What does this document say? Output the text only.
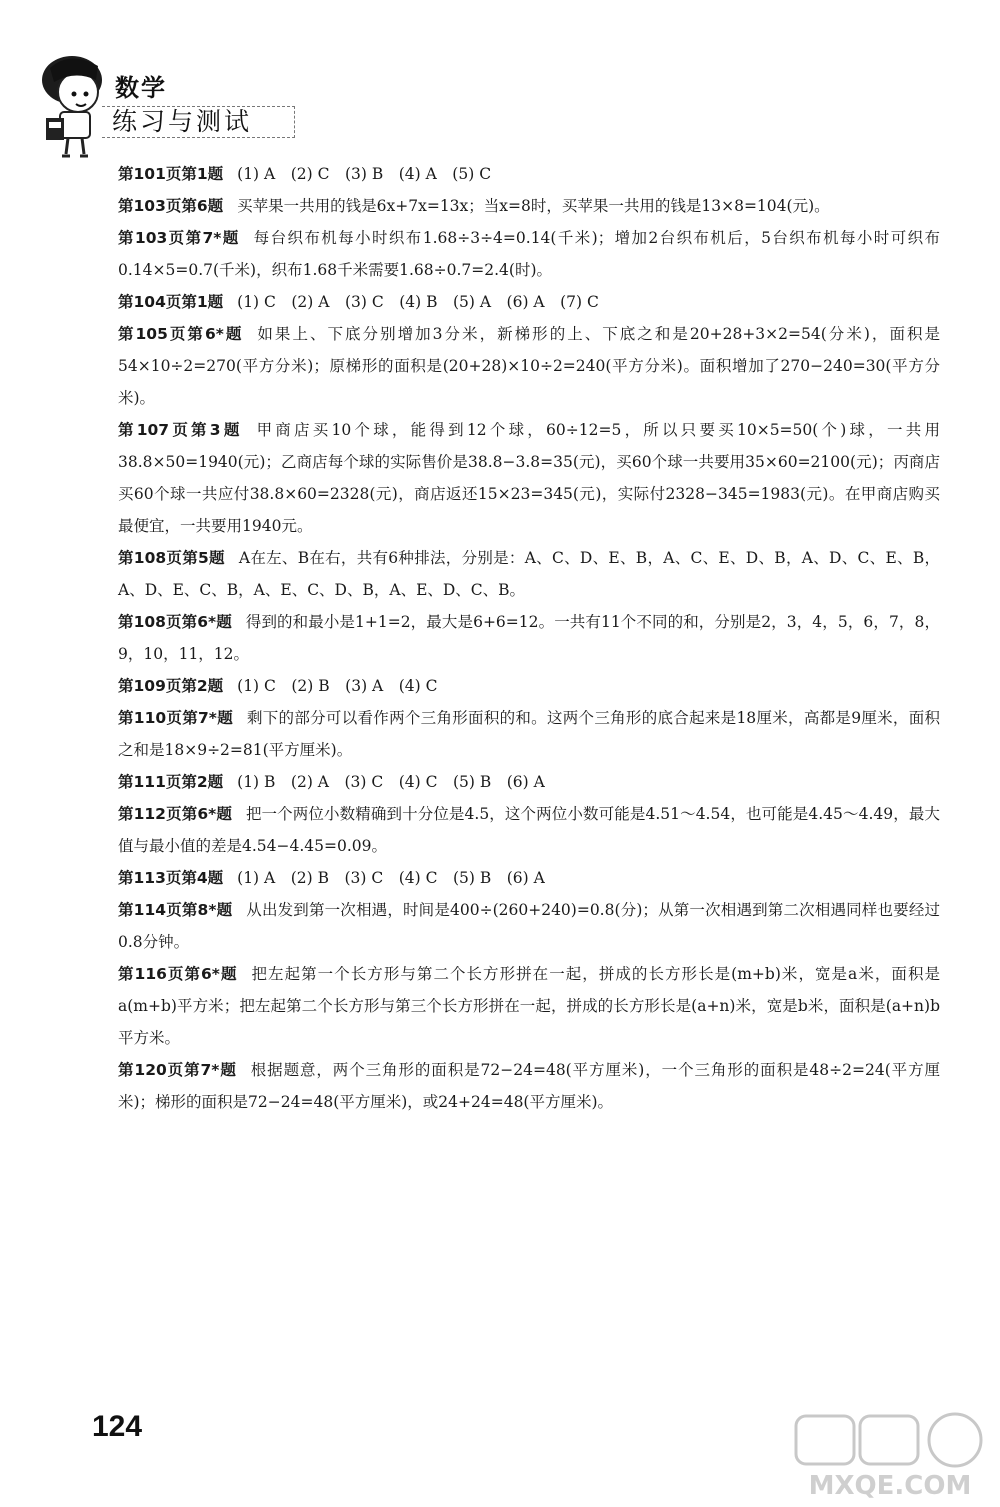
数学
练习与测试
第101页第1题 (1) A　(2) C　(3) B　(4) A　(5) C
第103页第6题 买苹果一共用的钱是6x+7x=13x；当x=8时，买苹果一共用的钱是13×8=104(元)。
第103页第7*题 每台织布机每小时织布1.68÷3÷4=0.14(千米)；增加2台织布机后，5台织布机每小时可织布0.14×5=0.7(千米)，织布1.68千米需要1.68÷0.7=2.4(时)。
第104页第1题 (1) C　(2) A　(3) C　(4) B　(5) A　(6) A　(7) C
第105页第6*题 如果上、下底分别增加3分米，新梯形的上、下底之和是20+28+3×2=54(分米)，面积是54×10÷2=270(平方分米)；原梯形的面积是(20+28)×10÷2=240(平方分米)。面积增加了270−240=30(平方分米)。
第107页第3题 甲商店买10个球，能得到12个球，60÷12=5，所以只要买10×5=50(个)球，一共用38.8×50=1940(元)；乙商店每个球的实际售价是38.8−3.8=35(元)，买60个球一共要用35×60=2100(元)；丙商店买60个球一共应付38.8×60=2328(元)，商店返还15×23=345(元)，实际付2328−345=1983(元)。在甲商店购买最便宜，一共要用1940元。
第108页第5题 A在左、B在右，共有6种排法，分别是：A、C、D、E、B，A、C、E、D、B，A、D、C、E、B，A、D、E、C、B，A、E、C、D、B，A、E、D、C、B。
第108页第6*题 得到的和最小是1+1=2，最大是6+6=12。一共有11个不同的和，分别是2，3，4，5，6，7，8，9，10，11，12。
第109页第2题 (1) C　(2) B　(3) A　(4) C
第110页第7*题 剩下的部分可以看作两个三角形面积的和。这两个三角形的底合起来是18厘米，高都是9厘米，面积之和是18×9÷2=81(平方厘米)。
第111页第2题 (1) B　(2) A　(3) C　(4) C　(5) B　(6) A
第112页第6*题 把一个两位小数精确到十分位是4.5，这个两位小数可能是4.51～4.54，也可能是4.45～4.49，最大值与最小值的差是4.54−4.45=0.09。
第113页第4题 (1) A　(2) B　(3) C　(4) C　(5) B　(6) A
第114页第8*题 从出发到第一次相遇，时间是400÷(260+240)=0.8(分)；从第一次相遇到第二次相遇同样也要经过0.8分钟。
第116页第6*题 把左起第一个长方形与第二个长方形拼在一起，拼成的长方形长是(m+b)米，宽是a米，面积是a(m+b)平方米；把左起第二个长方形与第三个长方形拼在一起，拼成的长方形长是(a+n)米，宽是b米，面积是(a+n)b平方米。
第120页第7*题 根据题意，两个三角形的面积是72−24=48(平方厘米)，一个三角形的面积是48÷2=24(平方厘米)；梯形的面积是72−24=48(平方厘米)，或24+24=48(平方厘米)。
124
MXQE.COM
